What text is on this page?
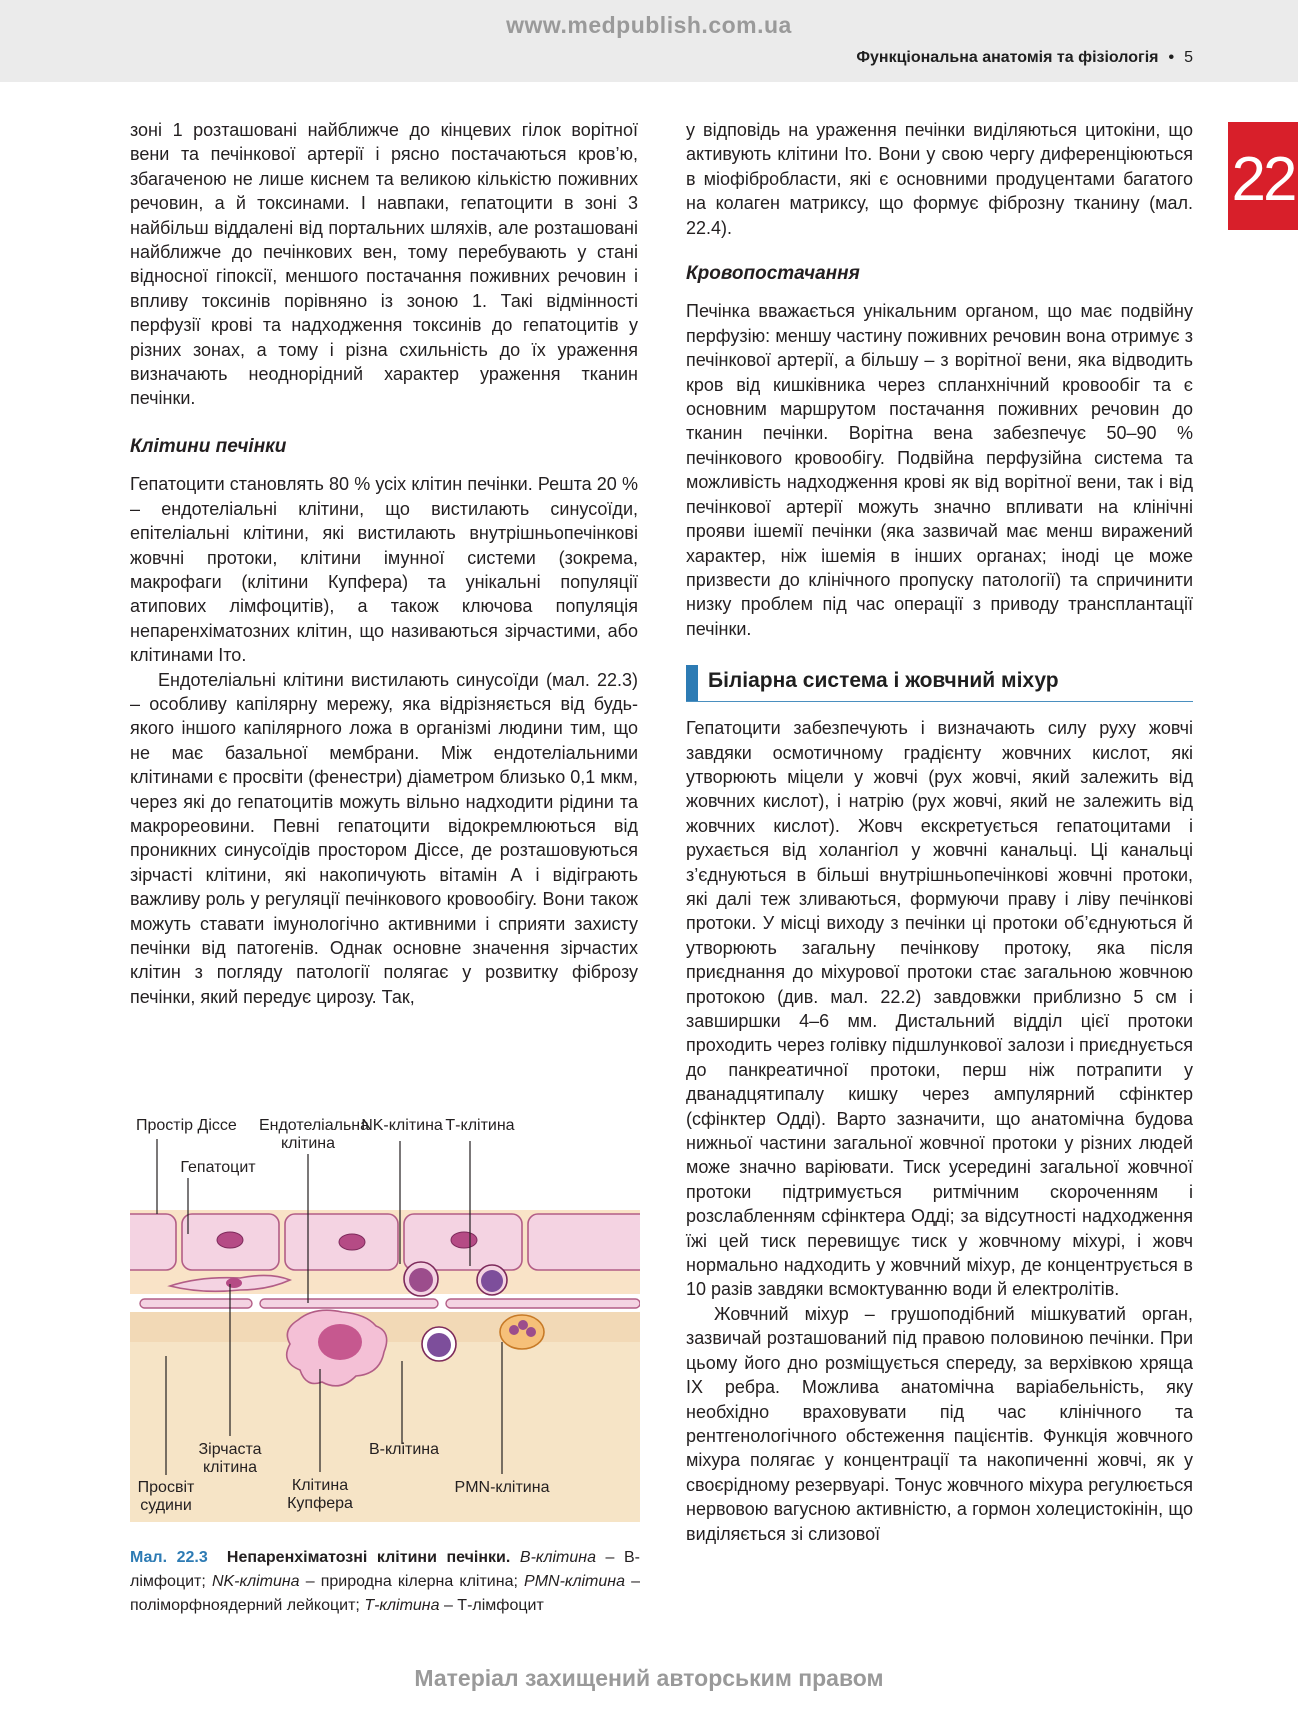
www.medpublish.com.ua
Функціональна анатомія та фізіологія • 5
22

зоні 1 розташовані найближче до кінцевих гілок ворітної вени та печінкової артерії і рясно постачаються кров’ю, збагаченою не лише киснем та великою кількістю поживних речовин, а й токсинами. І навпаки, гепатоцити в зоні 3 найбільш віддалені від портальних шляхів, але розташовані найближче до печінкових вен, тому перебувають у стані відносної гіпоксії, меншого постачання поживних речовин і впливу токсинів порівняно із зоною 1. Такі відмінності перфузії крові та надходження токсинів до гепатоцитів у різних зонах, а тому і різна схильність до їх ураження визначають неоднорідний характер ураження тканин печінки.

Клітини печінки

Гепатоцити становлять 80 % усіх клітин печінки. Решта 20 % – ендотеліальні клітини, що вистилають синусоїди, епітеліальні клітини, які вистилають внутрішньопечінкові жовчні протоки, клітини імунної системи (зокрема, макрофаги (клітини Купфера) та унікальні популяції атипових лімфоцитів), а також ключова популяція непаренхіматозних клітин, що називаються зірчастими, або клітинами Іто.

Ендотеліальні клітини вистилають синусоїди (мал. 22.3) – особливу капілярну мережу, яка відрізняється від будь-якого іншого капілярного ложа в організмі людини тим, що не має базальної мембрани. Між ендотеліальними клітинами є просвіти (фенестри) діаметром близько 0,1 мкм, через які до гепатоцитів можуть вільно надходити рідини та макрореовини. Певні гепатоцити відокремлюються від проникних синусоїдів простором Діссе, де розташовуються зірчасті клітини, які накопичують вітамін А і відіграють важливу роль у регуляції печінкового кровообігу. Вони також можуть ставати імунологічно активними і сприяти захисту печінки від патогенів. Однак основне значення зірчастих клітин з погляду патології полягає у розвитку фіброзу печінки, який передує цирозу. Так,

у відповідь на ураження печінки виділяються цитокіни, що активують клітини Іто. Вони у свою чергу диференціюються в міофібробласти, які є основними продуцентами багатого на колаген матриксу, що формує фіброзну тканину (мал. 22.4).

Кровопостачання

Печінка вважається унікальним органом, що має подвійну перфузію: меншу частину поживних речовин вона отримує з печінкової артерії, а більшу – з ворітної вени, яка відводить кров від кишківника через спланхнічний кровообіг та є основним маршрутом постачання поживних речовин до тканин печінки. Ворітна вена забезпечує 50–90 % печінкового кровообігу. Подвійна перфузійна система та можливість надходження крові як від ворітної вени, так і від печінкової артерії можуть значно впливати на клінічні прояви ішемії печінки (яка зазвичай має менш виражений характер, ніж ішемія в інших органах; іноді це може призвести до клінічного пропуску патології) та спричинити низку проблем під час операції з приводу трансплантації печінки.

Біліарна система і жовчний міхур

Гепатоцити забезпечують і визначають силу руху жовчі завдяки осмотичному градієнту жовчних кислот, які утворюють міцели у жовчі (рух жовчі, який залежить від жовчних кислот), і натрію (рух жовчі, який не залежить від жовчних кислот). Жовч екскретується гепатоцитами і рухається від холангіол у жовчні канальці. Ці канальці з’єднуються в більші внутрішньопечінкові жовчні протоки, які далі теж зливаються, формуючи праву і ліву печінкові протоки. У місці виходу з печінки ці протоки об’єднуються й утворюють загальну печінкову протоку, яка після приєднання до міхурової протоки стає загальною жовчною протокою (див. мал. 22.2) завдовжки приблизно 5 см і завширшки 4–6 мм. Дистальний відділ цієї протоки проходить через голівку підшлункової залози і приєднується до панкреатичної протоки, перш ніж потрапити у дванадцятипалу кишку через ампулярний сфінктер (сфінктер Одді). Варто зазначити, що анатомічна будова нижньої частини загальної жовчної протоки у різних людей може значно варіювати. Тиск усередині загальної жовчної протоки підтримується ритмічним скороченням і розслабленням сфінктера Одді; за відсутності надходження їжі цей тиск перевищує тиск у жовчному міхурі, і жовч нормально надходить у жовчний міхур, де концентрується в 10 разів завдяки всмоктуванню води й електролітів.

Жовчний міхур – грушоподібний мішкуватий орган, зазвичай розташований під правою половиною печінки. При цьому його дно розміщується спереду, за верхівкою хряща IX ребра. Можлива анатомічна варіабельність, яку необхідно враховувати під час клінічного та рентгенологічного обстеження пацієнтів. Функція жовчного міхура полягає у концентрації та накопиченні жовчі, як у своєрідному резервуарі. Тонус жовчного міхура регулюється нервовою вагусною активністю, а гормон холецистокінін, що виділяється зі слизової

Простір Діссе Ендотеліальна
клітина
NK-клітина Т-клітина
Гепатоцит
Зірчаста
клітина
В-клітина
Просвіт
судини
Клітина
Купфера
PMN-клітина
Мал. 22.3 Непаренхіматозні клітини печінки. В-клітина – В-лімфоцит; NK-клітина – природна кілерна клітина; PMN-клітина – поліморфноядерний лейкоцит; Т-клітина – Т-лімфоцит
Матеріал захищений авторським правом
